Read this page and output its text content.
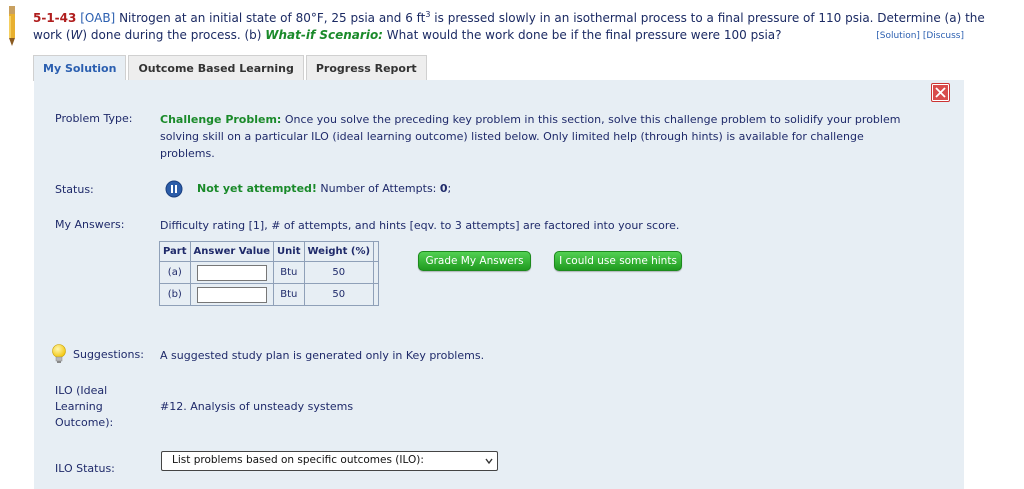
5-1-43 [OAB] Nitrogen at an initial state of 80°F, 25 psia and 6 $ft^3$ is pressed slowly in an isothermal process to a final pressure of 110 psia. Determine (a) the
work (W) done during the process. (b) What-if Scenario: What would the work done be if the final pressure were 100 psia?	[Solution] [Discuss]
My Solution	Outcome Based Learning	Progress Report
Problem Type:	Challenge Problem: Once you solve the preceding key problem in this section, solve this challenge problem to solidify your problem
solving skill on a particular ILO (ideal learning outcome) listed below. Only limited help (through hints) is available for challenge
problems.
Status:	Not yet attempted! Number of Attempts: 0;
My Answers:	Difficulty rating [1], # of attempts, and hints [eqv. to 3 attempts] are factored into your score.
Part	Answer Value	Unit	Weight (%)	
(a)		Btu	50	
(b)		Btu	50	
Grade My Answers	I could use some hints
Suggestions: A suggested study plan is generated only in Key problems.
ILO (Ideal
Learning
Outcome):
#12. Analysis of unsteady systems
ILO Status:
List problems based on specific outcomes (ILO):
